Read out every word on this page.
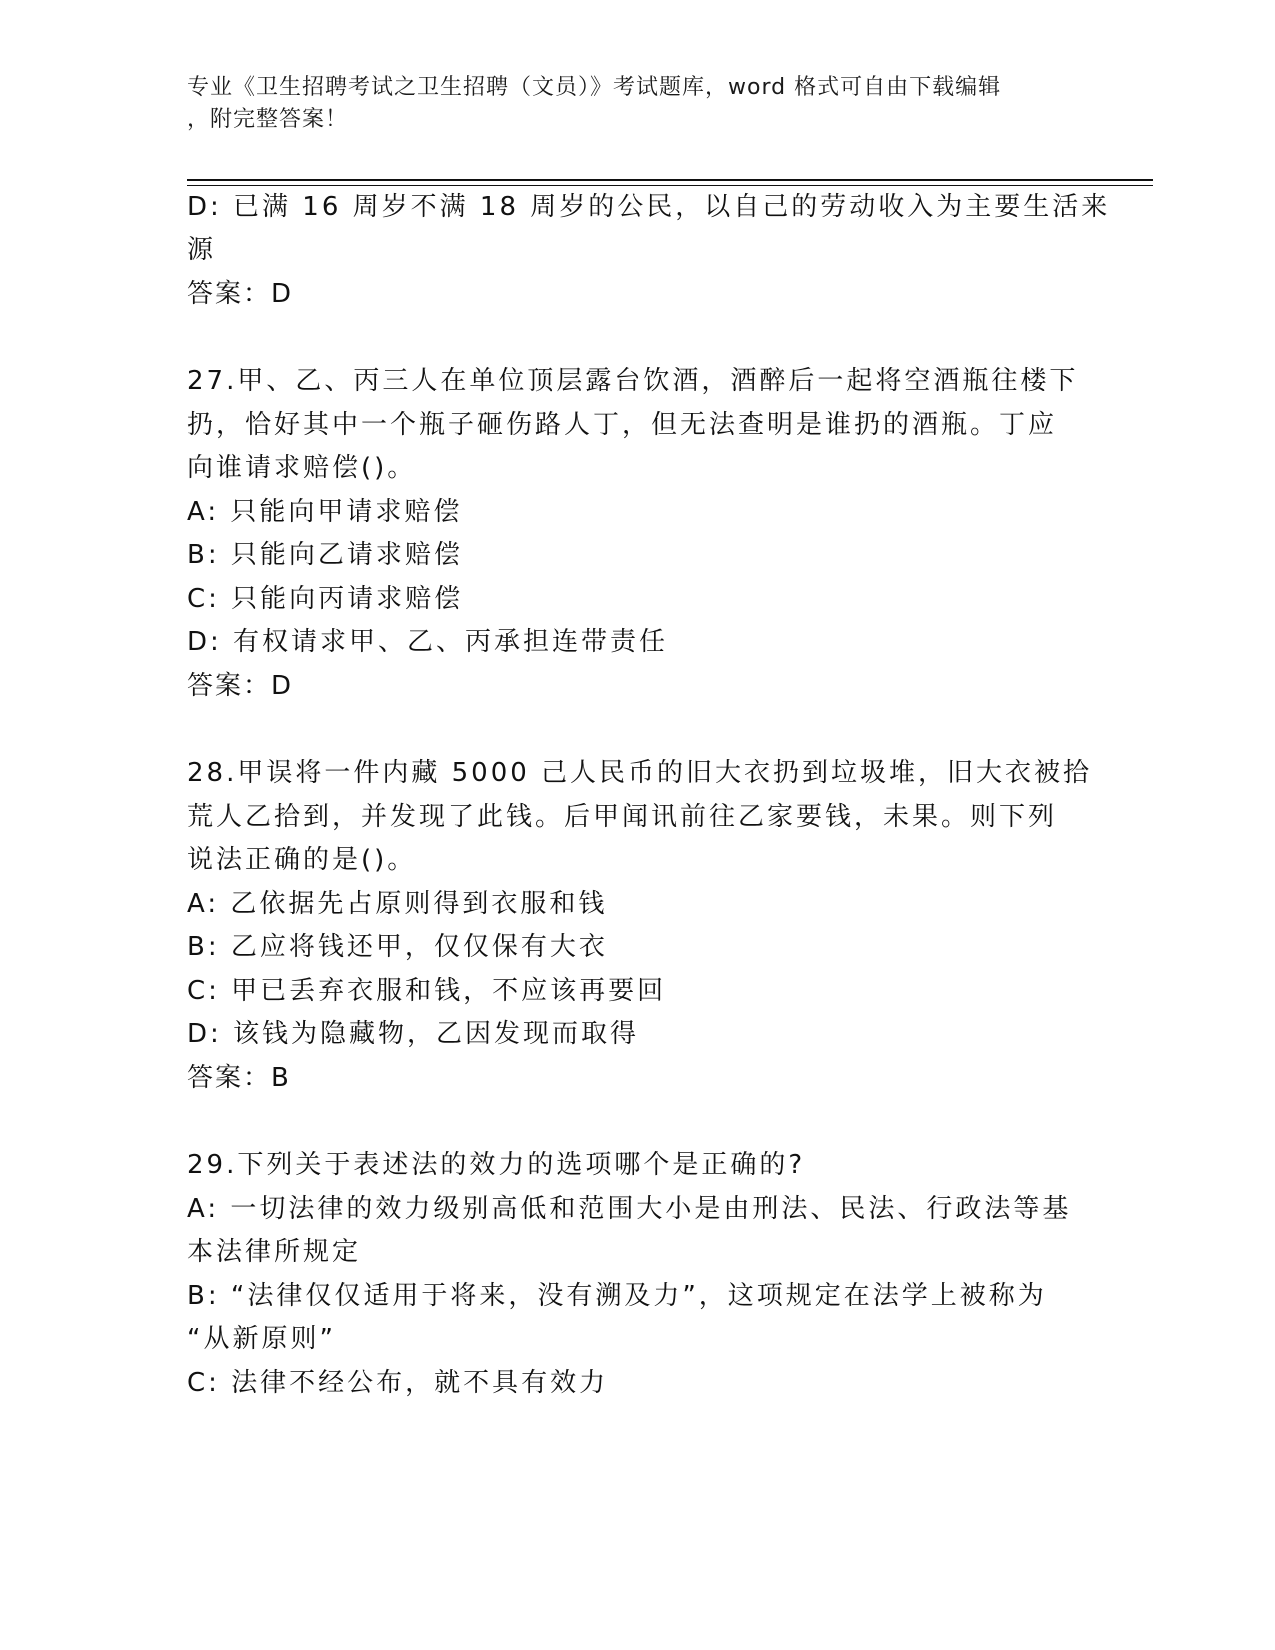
专业《卫生招聘考试之卫生招聘（文员）》考试题库，word 格式可自由下载编辑
，附完整答案！
D: 已满 16 周岁不满 18 周岁的公民，以自己的劳动收入为主要生活来
源
答案：D
27.甲、乙、丙三人在单位顶层露台饮酒，酒醉后一起将空酒瓶往楼下
扔，恰好其中一个瓶子砸伤路人丁，但无法查明是谁扔的酒瓶。丁应
向谁请求赔偿()。
A: 只能向甲请求赔偿
B: 只能向乙请求赔偿
C: 只能向丙请求赔偿
D: 有权请求甲、乙、丙承担连带责任
答案：D
28.甲误将一件内藏 5000 己人民币的旧大衣扔到垃圾堆，旧大衣被拾
荒人乙拾到，并发现了此钱。后甲闻讯前往乙家要钱，未果。则下列
说法正确的是()。
A: 乙依据先占原则得到衣服和钱
B: 乙应将钱还甲，仅仅保有大衣
C: 甲已丢弃衣服和钱，不应该再要回
D: 该钱为隐藏物，乙因发现而取得
答案：B
29.下列关于表述法的效力的选项哪个是正确的?
A: 一切法律的效力级别高低和范围大小是由刑法、民法、行政法等基
本法律所规定
B: “法律仅仅适用于将来，没有溯及力”，这项规定在法学上被称为
“从新原则”
C: 法律不经公布，就不具有效力
